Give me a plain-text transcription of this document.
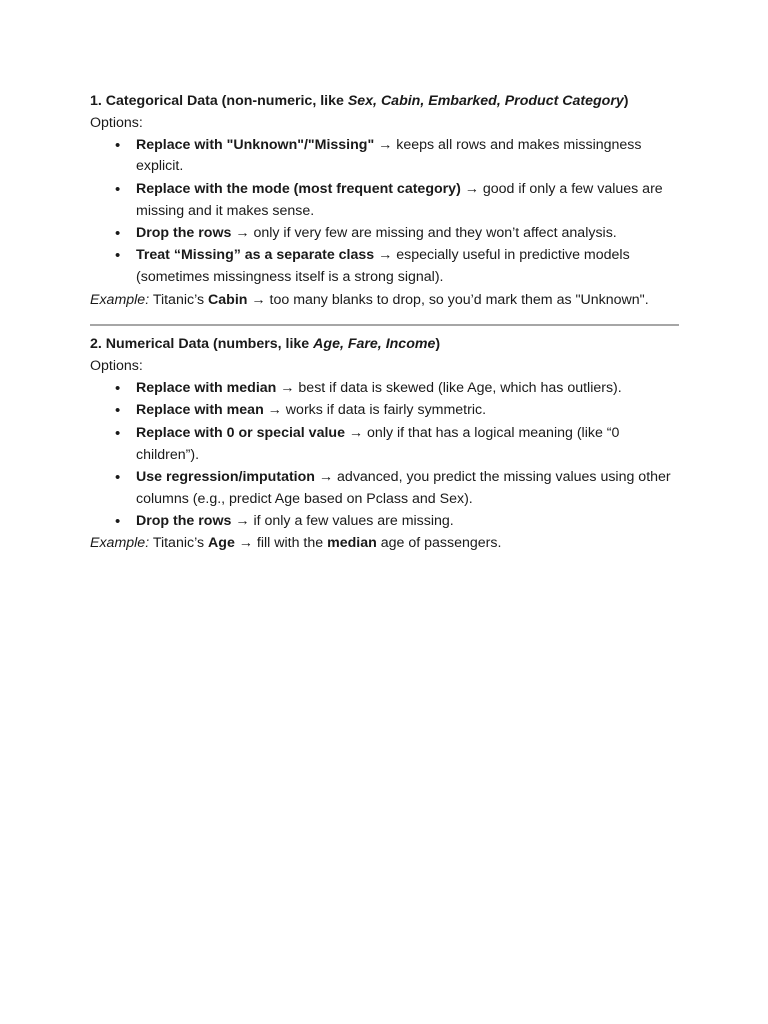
1. Categorical Data (non-numeric, like Sex, Cabin, Embarked, Product Category)

Options:

• Replace with "Unknown"/"Missing" → keeps all rows and makes missingness explicit.
• Replace with the mode (most frequent category) → good if only a few values are missing and it makes sense.
• Drop the rows → only if very few are missing and they won’t affect analysis.
• Treat “Missing” as a separate class → especially useful in predictive models (sometimes missingness itself is a strong signal).

Example: Titanic’s Cabin → too many blanks to drop, so you’d mark them as "Unknown".

2. Numerical Data (numbers, like Age, Fare, Income)

Options:

• Replace with median → best if data is skewed (like Age, which has outliers).
• Replace with mean → works if data is fairly symmetric.
• Replace with 0 or special value → only if that has a logical meaning (like “0 children”).
• Use regression/imputation → advanced, you predict the missing values using other columns (e.g., predict Age based on Pclass and Sex).
• Drop the rows → if only a few values are missing.

Example: Titanic’s Age → fill with the median age of passengers.
